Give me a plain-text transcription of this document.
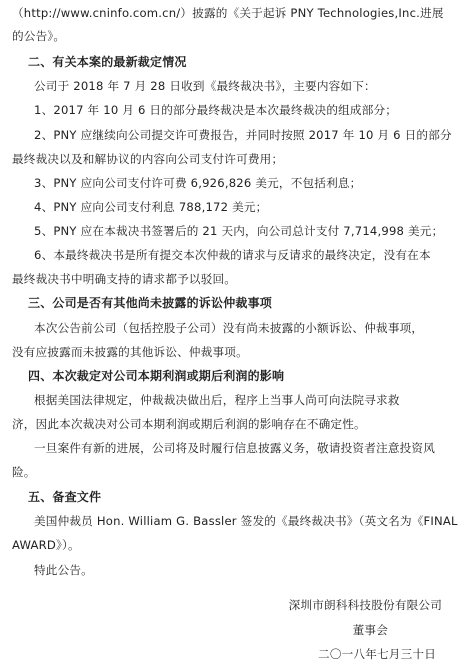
（http://www.cninfo.com.cn/）披露的《关于起诉 PNY Technologies,Inc.进展
的公告》。
二、有关本案的最新裁定情况
公司于 2018 年 7 月 28 日收到《最终裁决书》，主要内容如下：
1、2017 年 10 月 6 日的部分最终裁决是本次最终裁决的组成部分；
2、PNY 应继续向公司提交许可费报告，并同时按照 2017 年 10 月 6 日的部分
最终裁决以及和解协议的内容向公司支付许可费用；
3、PNY 应向公司支付许可费 6,926,826 美元，不包括利息；
4、PNY 应向公司支付利息 788,172 美元；
5、PNY 应在本裁决书签署后的 21 天内，向公司总计支付 7,714,998 美元；
6、本最终裁决书是所有提交本次仲裁的请求与反请求的最终决定，没有在本
最终裁决书中明确支持的请求都予以驳回。
三、公司是否有其他尚未披露的诉讼仲裁事项
本次公告前公司（包括控股子公司）没有尚未披露的小额诉讼、仲裁事项，
没有应披露而未披露的其他诉讼、仲裁事项。
四、本次裁定对公司本期利润或期后利润的影响
根据美国法律规定，仲裁裁决做出后，程序上当事人尚可向法院寻求救
济，因此本次裁决对公司本期利润或期后利润的影响存在不确定性。
一旦案件有新的进展，公司将及时履行信息披露义务，敬请投资者注意投资风
险。
五、备查文件
美国仲裁员 Hon. William G. Bassler 签发的《最终裁决书》（英文名为《FINAL
AWARD》）。
特此公告。
深圳市朗科科技股份有限公司
董事会
二〇一八年七月三十日
